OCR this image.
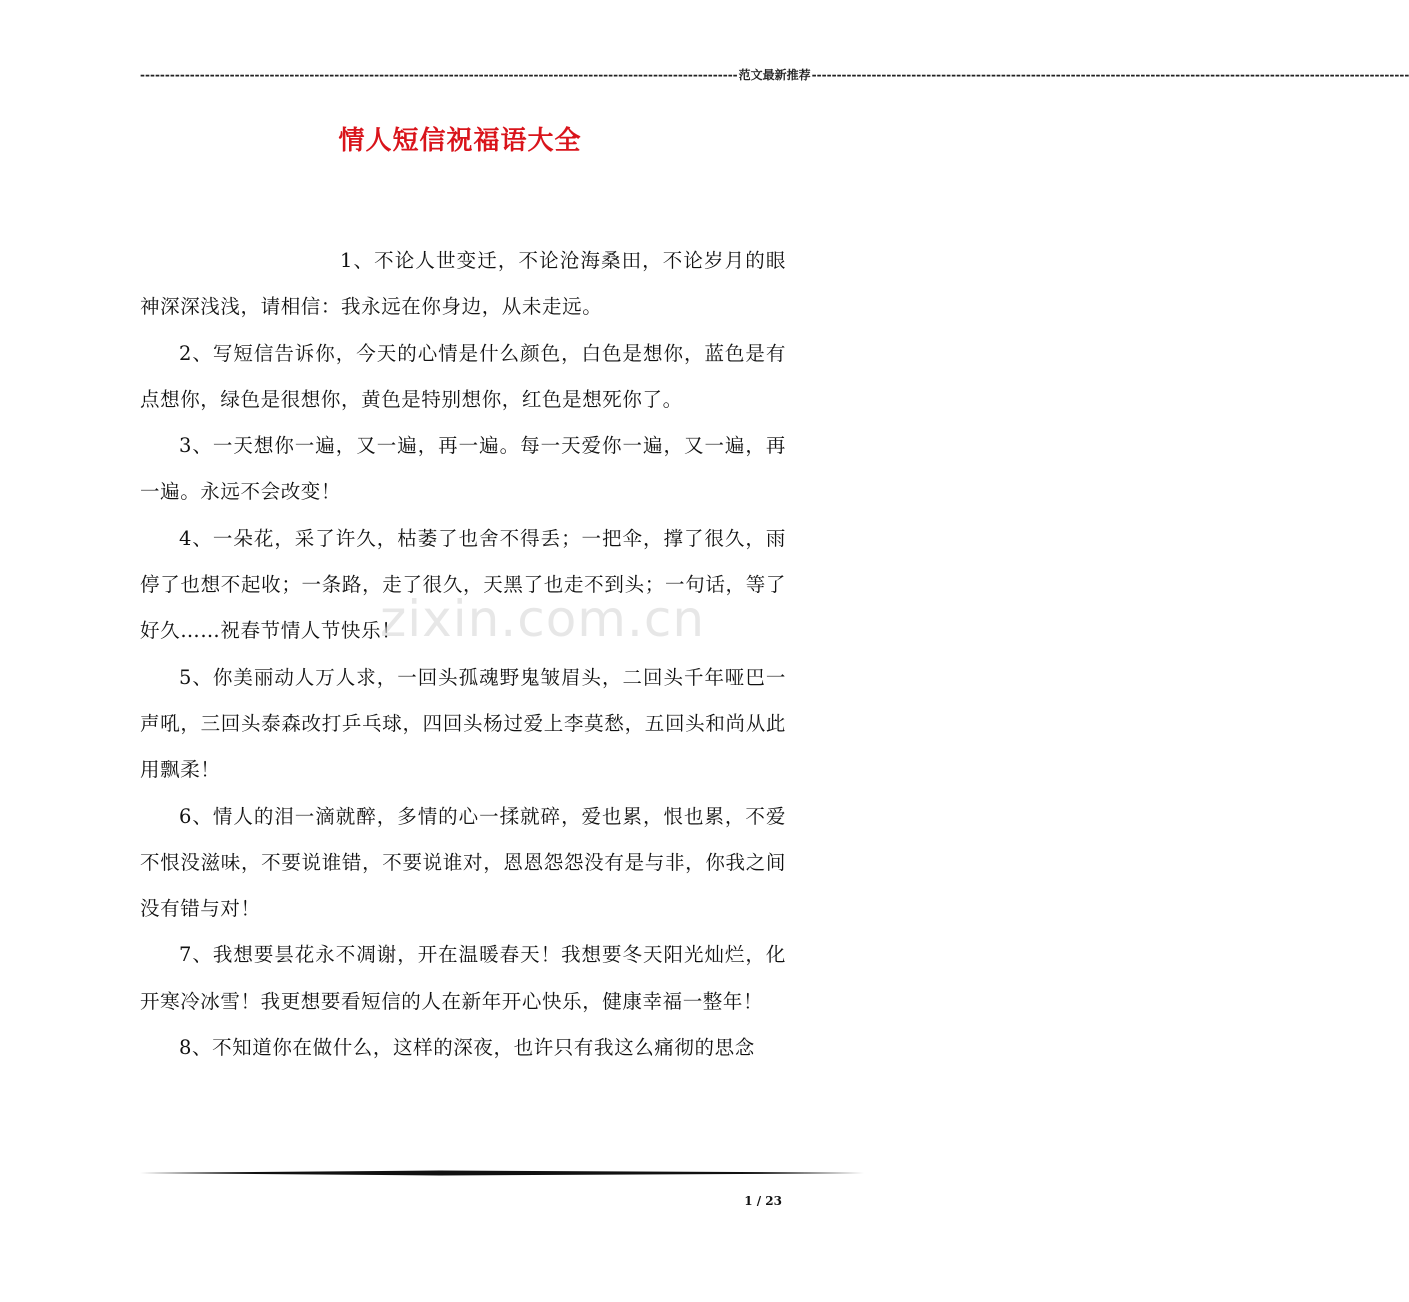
------------------------------------------------------------------------------------------------------------------------ 范文最新推荐 ------------------------------------------------------------------------------------------------------------------------
情人短信祝福语大全

1、不论人世变迁，不论沧海桑田，不论岁月的眼神深深浅浅，请相信：我永远在你身边，从未走远。

2、写短信告诉你，今天的心情是什么颜色，白色是想你，蓝色是有点想你，绿色是很想你，黄色是特别想你，红色是想死你了。

3、一天想你一遍，又一遍，再一遍。每一天爱你一遍，又一遍，再一遍。永远不会改变！

4、一朵花，采了许久，枯萎了也舍不得丢；一把伞，撑了很久，雨停了也想不起收；一条路，走了很久，天黑了也走不到头；一句话，等了好久……祝春节情人节快乐！

5、你美丽动人万人求，一回头孤魂野鬼皱眉头，二回头千年哑巴一声吼，三回头泰森改打乒乓球，四回头杨过爱上李莫愁，五回头和尚从此用飘柔！

6、情人的泪一滴就醉，多情的心一揉就碎，爱也累，恨也累，不爱不恨没滋味，不要说谁错，不要说谁对，恩恩怨怨没有是与非，你我之间没有错与对！

7、我想要昙花永不凋谢，开在温暖春天！我想要冬天阳光灿烂，化开寒冷冰雪！我更想要看短信的人在新年开心快乐，健康幸福一整年！

8、不知道你在做什么，这样的深夜，也许只有我这么痛彻的思念

zixin.com.cn
1 / 23
